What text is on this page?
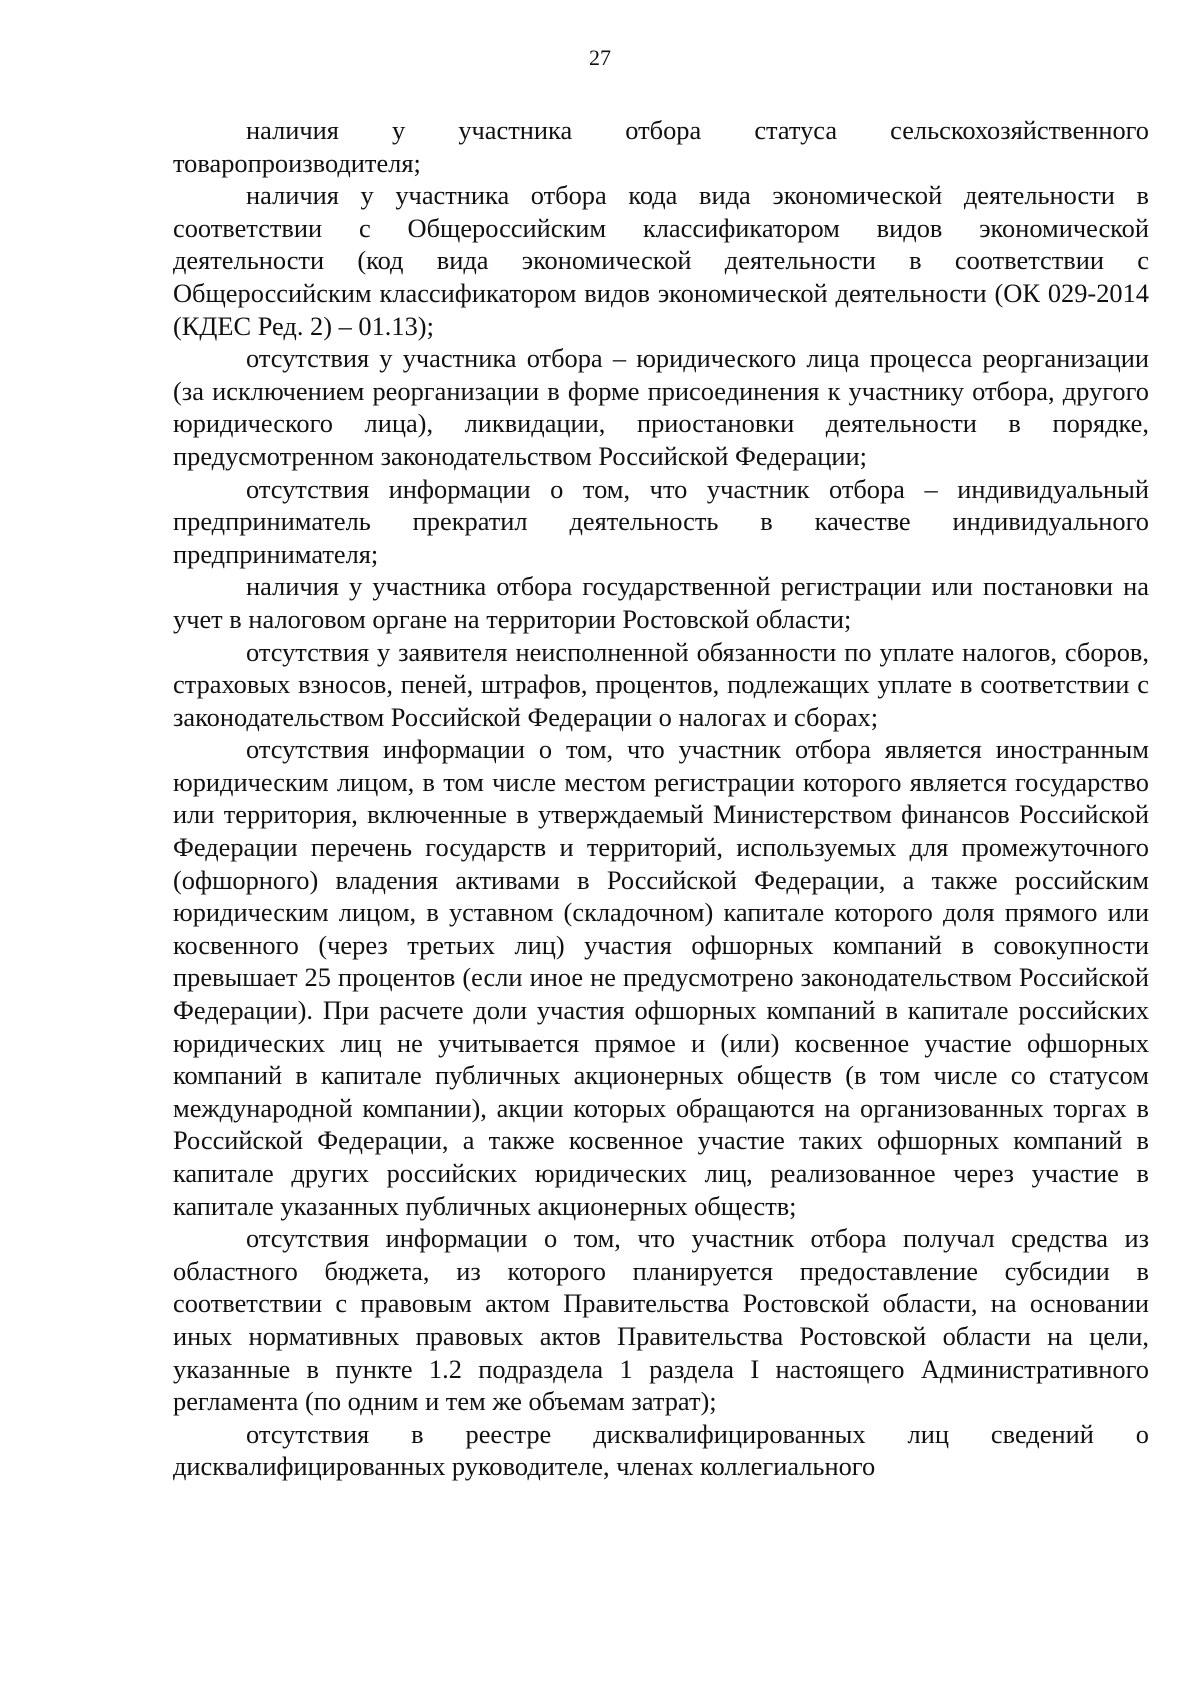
27

наличия у участника отбора статуса сельскохозяйственного товаропроизводителя;

наличия у участника отбора кода вида экономической деятельности в соответствии с Общероссийским классификатором видов экономической деятельности (код вида экономической деятельности в соответствии с Общероссийским классификатором видов экономической деятельности (ОК 029-2014 (КДЕС Ред. 2) – 01.13);

отсутствия у участника отбора – юридического лица процесса реорганизации (за исключением реорганизации в форме присоединения к участнику отбора, другого юридического лица), ликвидации, приостановки деятельности в порядке, предусмотренном законодательством Российской Федерации;

отсутствия информации о том, что участник отбора – индивидуальный предприниматель прекратил деятельность в качестве индивидуального предпринимателя;

наличия у участника отбора государственной регистрации или постановки на учет в налоговом органе на территории Ростовской области;

отсутствия у заявителя неисполненной обязанности по уплате налогов, сборов, страховых взносов, пеней, штрафов, процентов, подлежащих уплате в соответствии с законодательством Российской Федерации о налогах и сборах;

отсутствия информации о том, что участник отбора является иностранным юридическим лицом, в том числе местом регистрации которого является государство или территория, включенные в утверждаемый Министерством финансов Российской Федерации перечень государств и территорий, используемых для промежуточного (офшорного) владения активами в Российской Федерации, а также российским юридическим лицом, в уставном (складочном) капитале которого доля прямого или косвенного (через третьих лиц) участия офшорных компаний в совокупности превышает 25 процентов (если иное не предусмотрено законодательством Российской Федерации). При расчете доли участия офшорных компаний в капитале российских юридических лиц не учитывается прямое и (или) косвенное участие офшорных компаний в капитале публичных акционерных обществ (в том числе со статусом международной компании), акции которых обращаются на организованных торгах в Российской Федерации, а также косвенное участие таких офшорных компаний в капитале других российских юридических лиц, реализованное через участие в капитале указанных публичных акционерных обществ;

отсутствия информации о том, что участник отбора получал средства из областного бюджета, из которого планируется предоставление субсидии в соответствии с правовым актом Правительства Ростовской области, на основании иных нормативных правовых актов Правительства Ростовской области на цели, указанные в пункте 1.2 подраздела 1 раздела I настоящего Административного регламента (по одним и тем же объемам затрат);

отсутствия в реестре дисквалифицированных лиц сведений о дисквалифицированных руководителе, членах коллегиального
